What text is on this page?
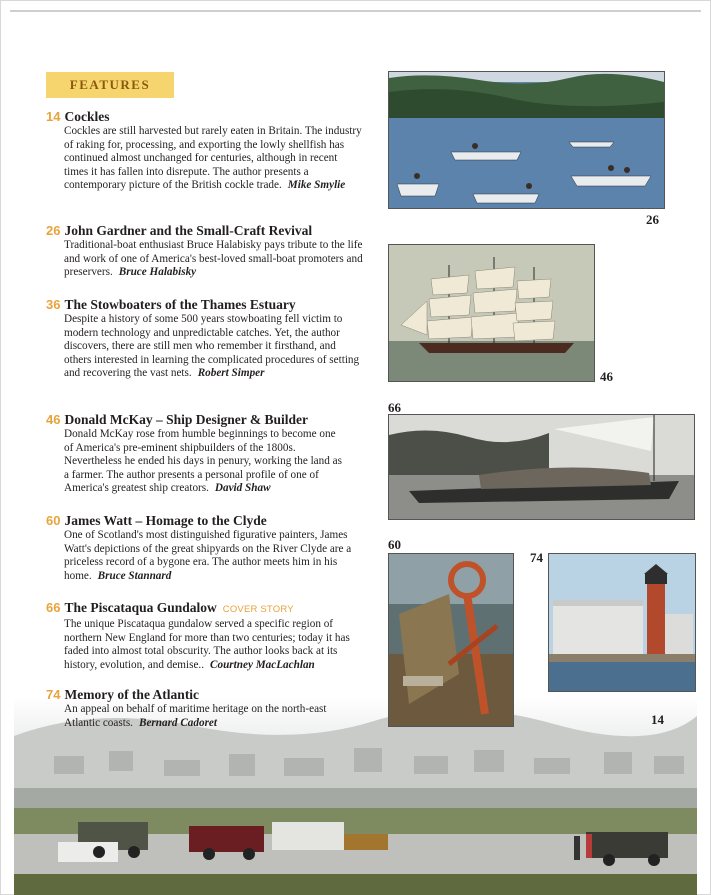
FEATURES
14 Cockles
Cockles are still harvested but rarely eaten in Britain. The industry of raking for, processing, and exporting the lowly shellfish has continued almost unchanged for centuries, although in recent times it has fallen into disrepute. The author presents a contemporary picture of the British cockle trade. Mike Smylie
26 John Gardner and the Small-Craft Revival
Traditional-boat enthusiast Bruce Halabisky pays tribute to the life and work of one of America's best-loved small-boat promoters and preservers. Bruce Halabisky
36 The Stowboaters of the Thames Estuary
Despite a history of some 500 years stowboating fell victim to modern technology and unpredictable catches. Yet, the author discovers, there are still men who remember it firsthand, and others interested in learning the complicated procedures of setting and recovering the vast nets. Robert Simper
46 Donald McKay – Ship Designer & Builder
Donald McKay rose from humble beginnings to become one of America's pre-eminent shipbuilders of the 1800s. Nevertheless he ended his days in penury, working the land as a farmer. The author presents a personal profile of one of America's greatest ship creators. David Shaw
60 James Watt – Homage to the Clyde
One of Scotland's most distinguished figurative painters, James Watt's depictions of the great shipyards on the River Clyde are a priceless record of a bygone era. The author meets him in his home. Bruce Stannard
66 The Piscataqua Gundalow COVER STORY
The unique Piscataqua gundalow served a specific region of northern New England for more than two centuries; today it has faded into almost total obscurity. The author looks back at its history, evolution, and demise.. Courtney MacLachlan
74 Memory of the Atlantic
An appeal on behalf of maritime heritage on the north-east Atlantic coasts. Bernard Cadoret
26
46
66
60
74
14
